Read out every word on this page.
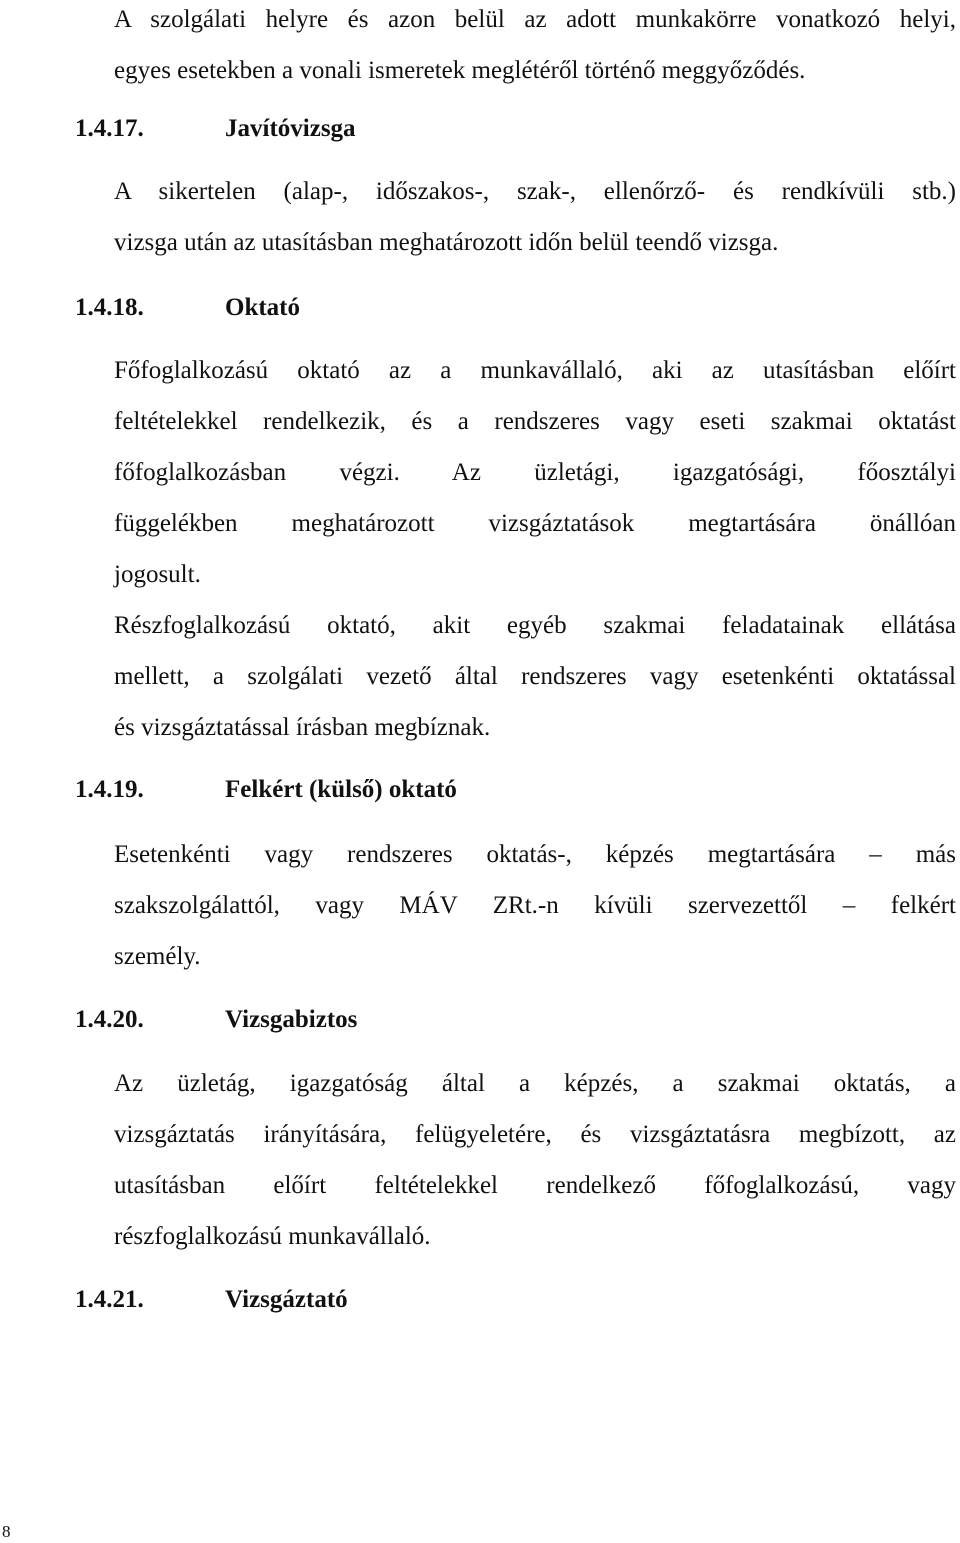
A szolgálati helyre és azon belül az adott munkakörre vonatkozó helyi,
egyes esetekben a vonali ismeretek meglétéről történő meggyőződés.
1.4.17.	Javítóvizsga
A sikertelen (alap-, időszakos-, szak-, ellenőrző- és rendkívüli stb.)
vizsga után az utasításban meghatározott időn belül teendő vizsga.
1.4.18.	Oktató
Főfoglalkozású oktató az a munkavállaló, aki az utasításban előírt
feltételekkel rendelkezik, és a rendszeres vagy eseti szakmai oktatást
főfoglalkozásban végzi. Az üzletági, igazgatósági, főosztályi
függelékben meghatározott vizsgáztatások megtartására önállóan
jogosult.
Részfoglalkozású oktató, akit egyéb szakmai feladatainak ellátása
mellett, a szolgálati vezető által rendszeres vagy esetenkénti oktatással
és vizsgáztatással írásban megbíznak.
1.4.19.	Felkért (külső) oktató
Esetenkénti vagy rendszeres oktatás-, képzés megtartására – más
szakszolgálattól, vagy MÁV ZRt.-n kívüli szervezettől – felkért
személy.
1.4.20.	Vizsgabiztos
Az üzletág, igazgatóság által a képzés, a szakmai oktatás, a
vizsgáztatás irányítására, felügyeletére, és vizsgáztatásra megbízott, az
utasításban előírt feltételekkel rendelkező főfoglalkozású, vagy
részfoglalkozású munkavállaló.
1.4.21.	Vizsgáztató
8
